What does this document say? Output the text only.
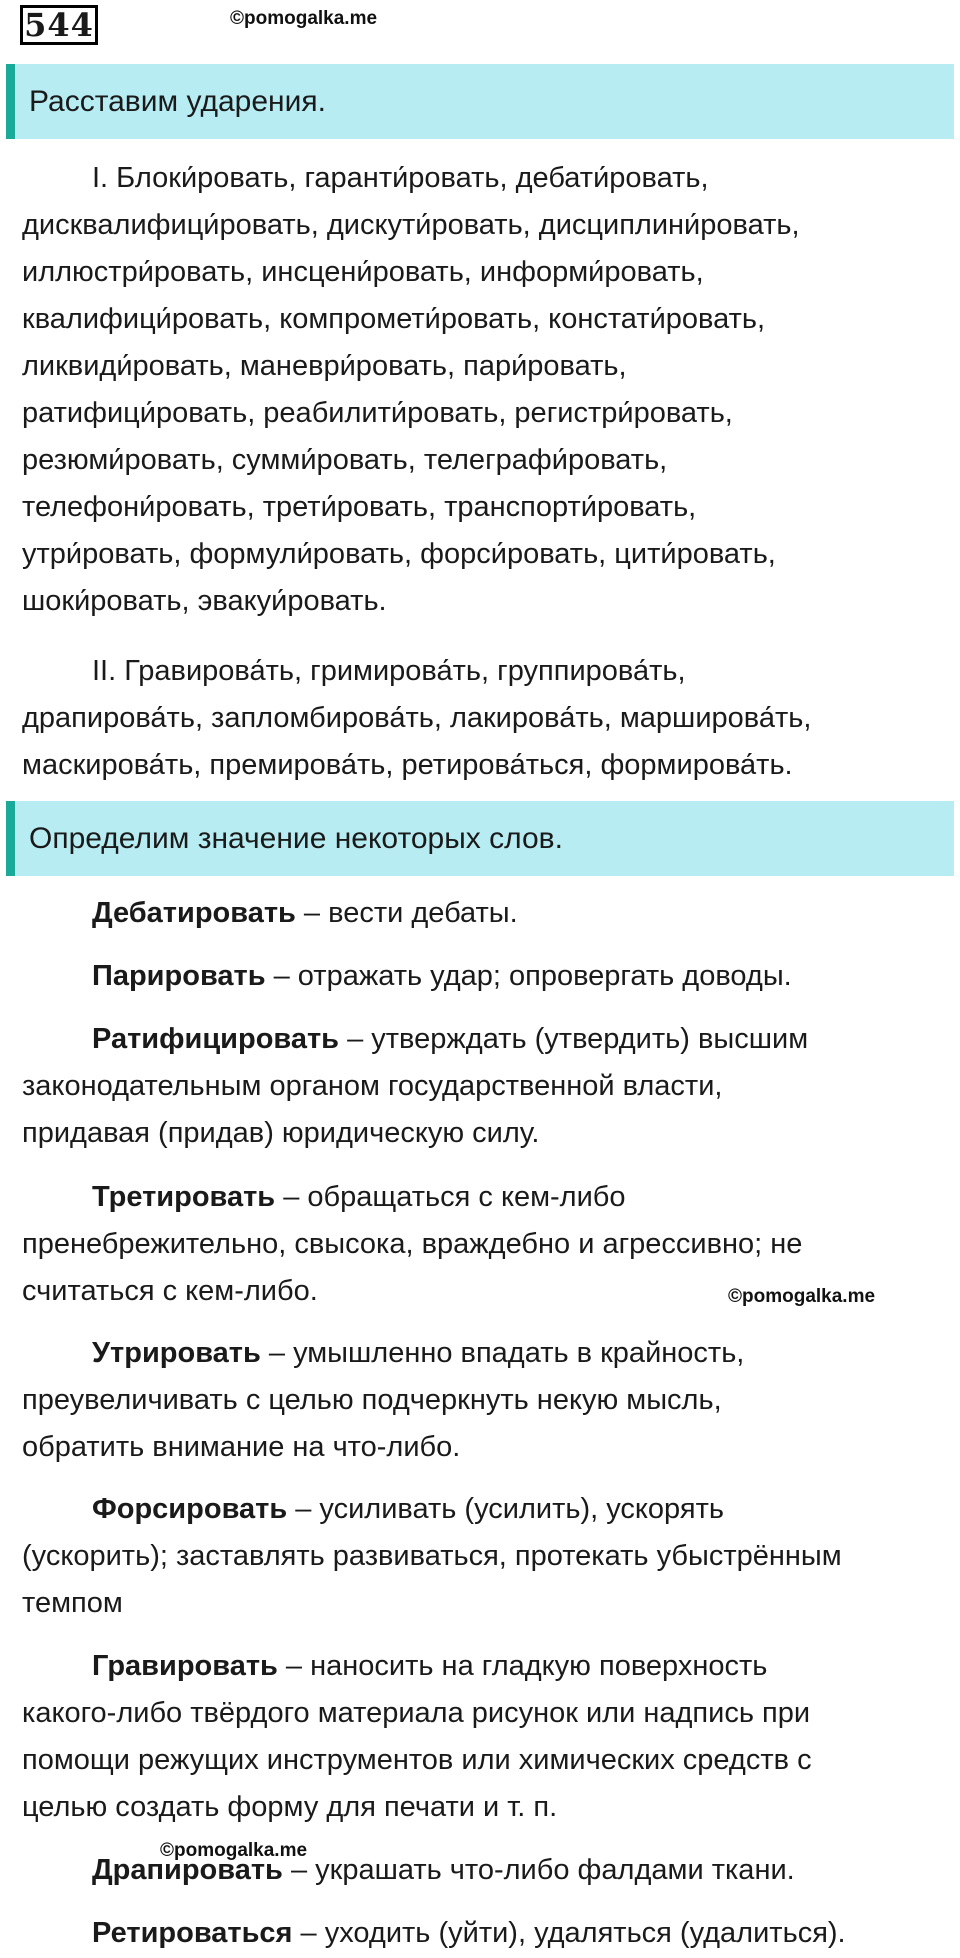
544	©pomogalka.me
Расставим ударения.

I. Блоки́ровать, гаранти́ровать, дебати́ровать,
дисквалифици́ровать, дискути́ровать, дисциплини́ровать,
иллюстри́ровать, инсцени́ровать, информи́ровать,
квалифици́ровать, компромети́ровать, констати́ровать,
ликвиди́ровать, маневри́ровать, пари́ровать,
ратифици́ровать, реабилити́ровать, регистри́ровать,
резюми́ровать, сумми́ровать, телеграфи́ровать,
телефони́ровать, трети́ровать, транспорти́ровать,
утри́ровать, формули́ровать, форси́ровать, цити́ровать,
шоки́ровать, эвакуи́ровать.

II. Гравирова́ть, гримирова́ть, группирова́ть,
драпирова́ть, запломбирова́ть, лакирова́ть, маршир​ова́ть,
маскирова́ть, премирова́ть, ретирова́ться, формирова́ть.

Определим значение некоторых слов.

Дебатировать – вести дебаты.

Парировать – отражать удар; опровергать доводы.

Ратифицировать – утверждать (утвердить) высшим
законодательным органом государственной власти,
придавая (придав) юридическую силу.

Третировать – обращаться с кем-либо
пренебрежительно, свысока, враждебно и агрессивно; не
считаться с кем-либо.	©pomogalka.me

Утрировать – умышленно впадать в крайность,
преувеличивать с целью подчеркнуть некую мысль,
обратить внимание на что-либо.

Форсировать – усиливать (усилить), ускорять
(ускорить); заставлять развиваться, протекать убыстрённым
темпом

Гравировать – наносить на гладкую поверхность
какого-либо твёрдого материала рисунок или надпись при
помощи режущих инструментов или химических средств с
целью создать форму для печати и т. п.

©pomogalka.me

Драпировать – украшать что-либо фалдами ткани.

Ретироваться – уходить (уйти), удаляться (удалиться).
